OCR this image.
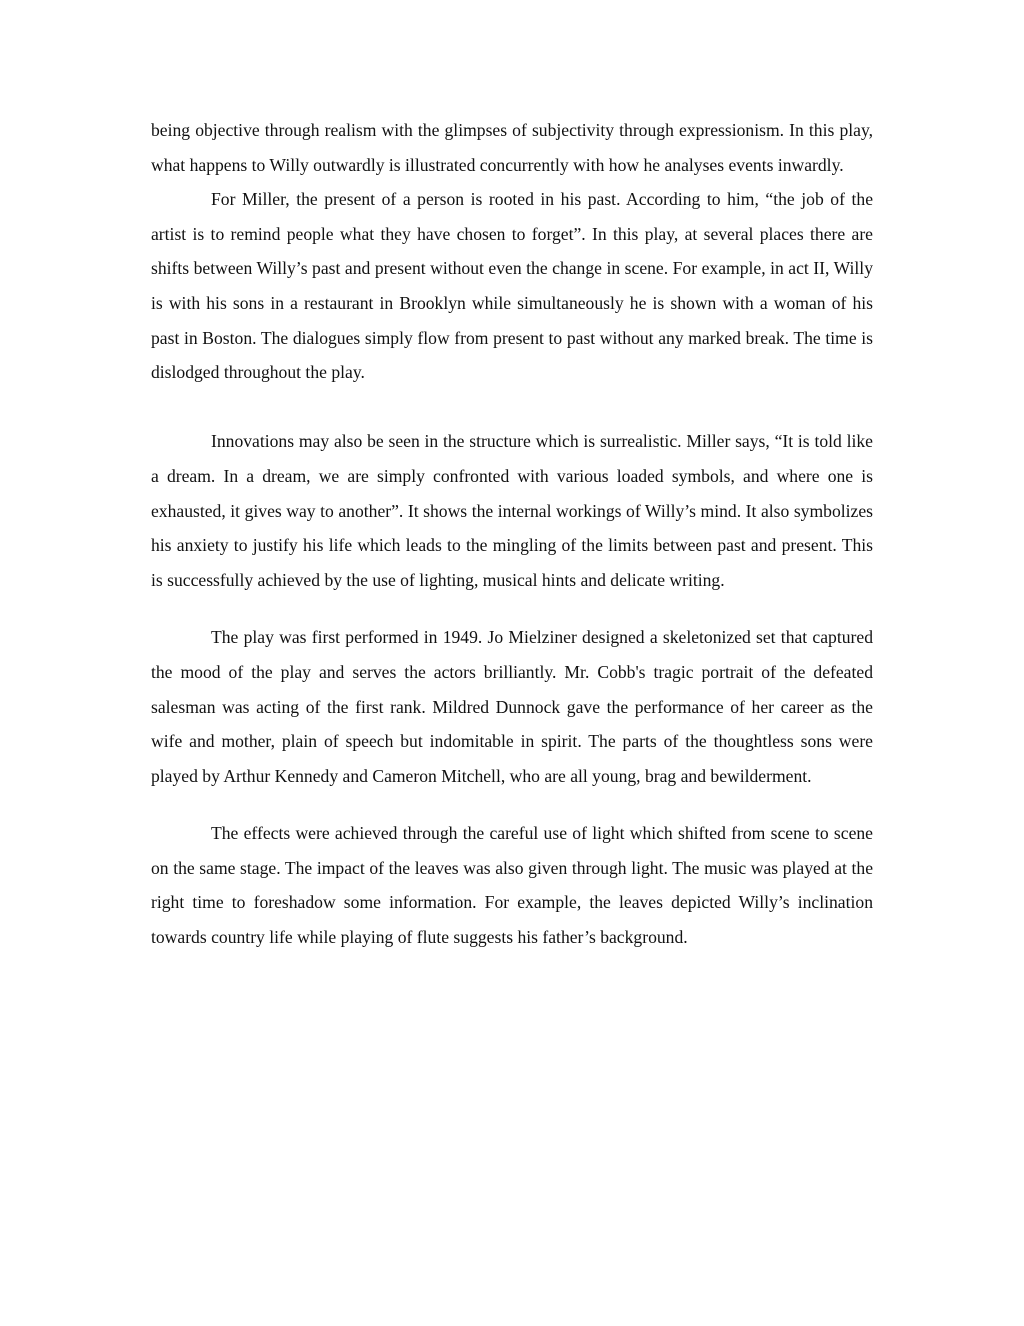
being objective through realism with the glimpses of subjectivity through expressionism. In this play, what happens to Willy outwardly is illustrated concurrently with how he analyses events inwardly.

For Miller, the present of a person is rooted in his past. According to him, “the job of the artist is to remind people what they have chosen to forget”. In this play, at several places there are shifts between Willy’s past and present without even the change in scene. For example, in act II, Willy is with his sons in a restaurant in Brooklyn while simultaneously he is shown with a woman of his past in Boston. The dialogues simply flow from present to past without any marked break. The time is dislodged throughout the play.

Innovations may also be seen in the structure which is surrealistic. Miller says, “It is told like a dream. In a dream, we are simply confronted with various loaded symbols, and where one is exhausted, it gives way to another”. It shows the internal workings of Willy’s mind. It also symbolizes his anxiety to justify his life which leads to the mingling of the limits between past and present. This is successfully achieved by the use of lighting, musical hints and delicate writing.

The play was first performed in 1949. Jo Mielziner designed a skeletonized set that captured the mood of the play and serves the actors brilliantly. Mr. Cobb's tragic portrait of the defeated salesman was acting of the first rank. Mildred Dunnock gave the performance of her career as the wife and mother, plain of speech but indomitable in spirit. The parts of the thoughtless sons were played by Arthur Kennedy and Cameron Mitchell, who are all young, brag and bewilderment.

The effects were achieved through the careful use of light which shifted from scene to scene on the same stage. The impact of the leaves was also given through light. The music was played at the right time to foreshadow some information. For example, the leaves depicted Willy’s inclination towards country life while playing of flute suggests his father’s background.
